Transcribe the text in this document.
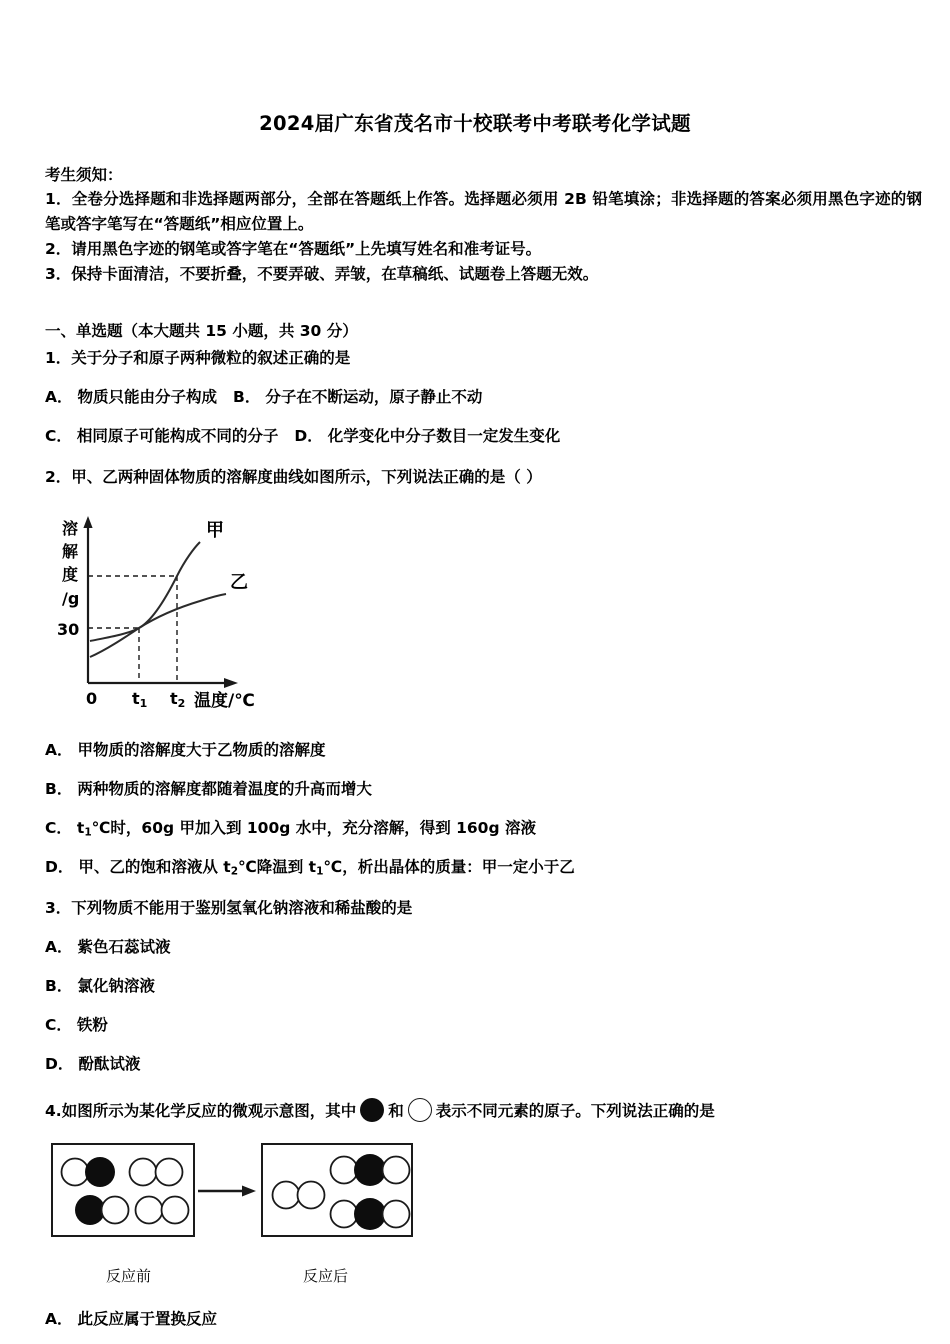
2024届广东省茂名市十校联考中考联考化学试题
考生须知：
1．全卷分选择题和非选择题两部分，全部在答题纸上作答。选择题必须用 2B 铅笔填涂；非选择题的答案必须用黑色字迹的钢笔或答字笔写在“答题纸”相应位置上。
2．请用黑色字迹的钢笔或答字笔在“答题纸”上先填写姓名和准考证号。
3．保持卡面清洁，不要折叠，不要弄破、弄皱，在草稿纸、试题卷上答题无效。
一、单选题（本大题共 15 小题，共 30 分）
1．关于分子和原子两种微粒的叙述正确的是
A． 物质只能由分子构成 B． 分子在不断运动，原子静止不动
C． 相同原子可能构成不同的分子 D． 化学变化中分子数目一定发生变化
2．甲、乙两种固体物质的溶解度曲线如图所示，下列说法正确的是（ ）
溶
解
度
/g
30
0 t1 t2 温度/℃
甲
乙
A． 甲物质的溶解度大于乙物质的溶解度
B． 两种物质的溶解度都随着温度的升高而增大
C． $t_1℃$时，60g 甲加入到 100g 水中，充分溶解，得到 160g 溶液
D． 甲、乙的饱和溶液从 $t_2℃$降温到 $t_1℃$，析出晶体的质量：甲一定小于乙
3．下列物质不能用于鉴别氢氧化钠溶液和稀盐酸的是
A． 紫色石蕊试液
B． 氯化钠溶液
C． 铁粉
D． 酚酞试液
4.如图所示为某化学反应的微观示意图，其中 和 表示不同元素的原子。下列说法正确的是
反应前	反应后
A． 此反应属于置换反应
